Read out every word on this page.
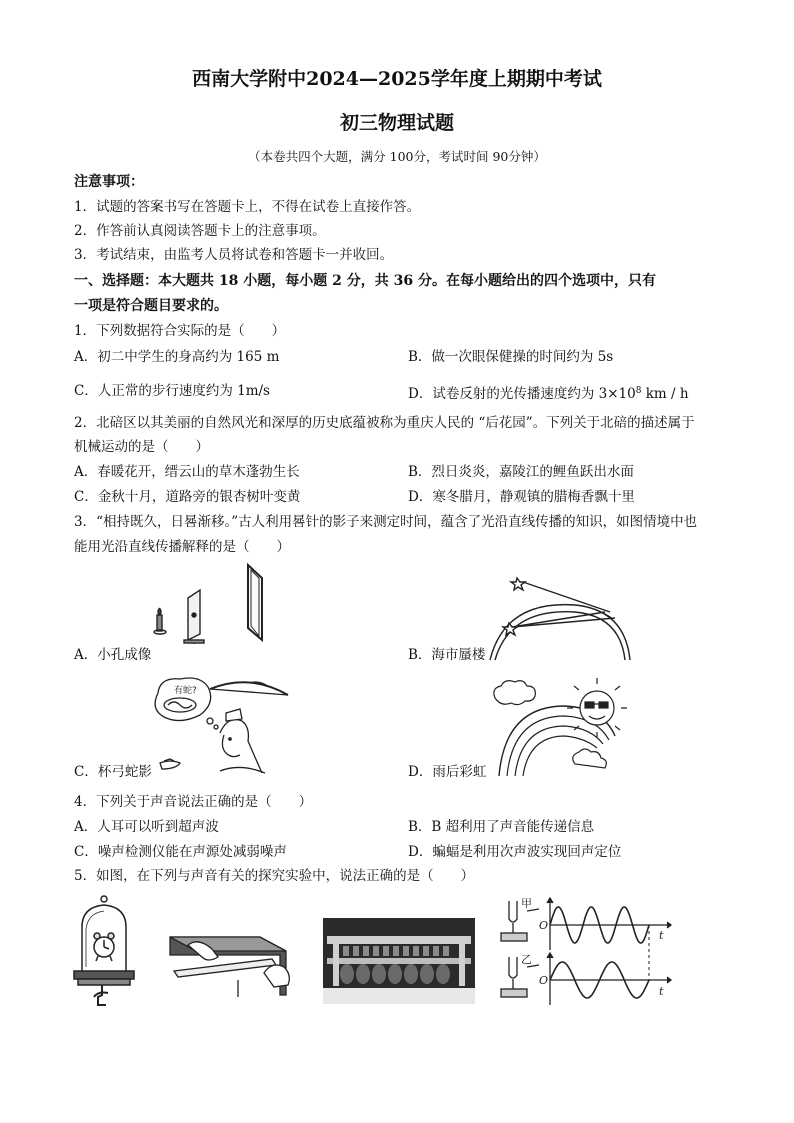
西南大学附中2024—2025学年度上期期中考试
初三物理试题
（本卷共四个大题，满分 100分，考试时间 90分钟）
注意事项：
1．试题的答案书写在答题卡上，不得在试卷上直接作答。
2．作答前认真阅读答题卡上的注意事项。
3．考试结束，由监考人员将试卷和答题卡一并收回。
一、选择题：本大题共 18 小题，每小题 2 分，共 36 分。在每小题给出的四个选项中，只有
一项是符合题目要求的。
1．下列数据符合实际的是（　　）
A．初二中学生的身高约为 165 m	B．做一次眼保健操的时间约为 5s
C．人正常的步行速度约为 1m/s	D．试卷反射的光传播速度约为 $3\times 10^8$ km / h
2．北碚区以其美丽的自然风光和深厚的历史底蕴被称为重庆人民的 “后花园”。下列关于北碚的描述属于
机械运动的是（　　）
A．春暖花开，缙云山的草木蓬勃生长	B．烈日炎炎，嘉陵江的鲤鱼跃出水面
C．金秋十月，道路旁的银杏树叶变黄	D．寒冬腊月，静观镇的腊梅香飘十里
3．“相持既久，日晷渐移。”古人利用晷针的影子来测定时间，蕴含了光沿直线传播的知识，如图情境中也
能用光沿直线传播解释的是（　　）
A．小孔成像	B．海市蜃楼
有蛇?
C．杯弓蛇影	D．雨后彩虹
4．下列关于声音说法正确的是（　　）
A．人耳可以听到超声波	B．B 超利用了声音能传递信息
C．噪声检测仪能在声源处减弱噪声	D．蝙蝠是利用次声波实现回声定位
5．如图，在下列与声音有关的探究实验中，说法正确的是（　　）
甲
乙
O
O
t
t
